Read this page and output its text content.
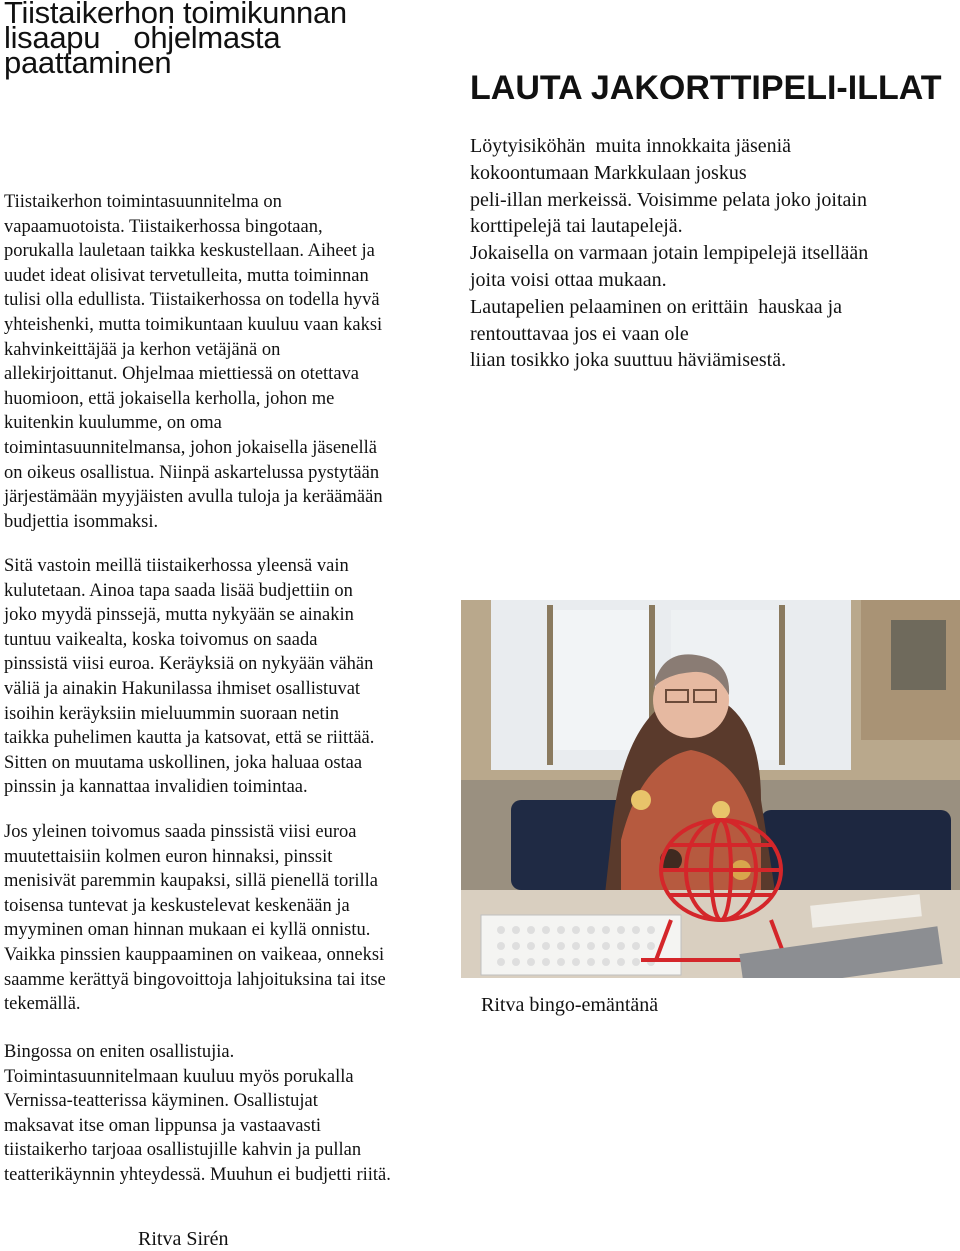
Tiistaikerhon toimikunnan
lisaapu    ohjelmasta
paattaminen
LAUTA JAKORTTIPELI-ILLAT
Tiistaikerhon toimintasuunnitelma on
vapaamuotoista. Tiistaikerhossa bingotaan,
porukalla lauletaan taikka keskustellaan. Aiheet ja
uudet ideat olisivat tervetulleita, mutta toiminnan
tulisi olla edullista. Tiistaikerhossa on todella hyvä
yhteishenki, mutta toimikuntaan kuuluu vaan kaksi
kahvinkeittäjää ja kerhon vetäjänä on
allekirjoittanut. Ohjelmaa miettiessä on otettava
huomioon, että jokaisella kerholla, johon me
kuitenkin kuulumme, on oma
toimintasuunnitelmansa, johon jokaisella jäsenellä
on oikeus osallistua. Niinpä askartelussa pystytään
järjestämään myyjäisten avulla tuloja ja keräämään
budjettia isommaksi.
Sitä vastoin meillä tiistaikerhossa yleensä vain
kulutetaan. Ainoa tapa saada lisää budjettiin on
joko myydä pinssejä, mutta nykyään se ainakin
tuntuu vaikealta, koska toivomus on saada
pinssistä viisi euroa. Keräyksiä on nykyään vähän
väliä ja ainakin Hakunilassa ihmiset osallistuvat
isoihin keräyksiin mieluummin suoraan netin
taikka puhelimen kautta ja katsovat, että se riittää.
Sitten on muutama uskollinen, joka haluaa ostaa
pinssin ja kannattaa invalidien toimintaa.
Jos yleinen toivomus saada pinssistä viisi euroa
muutettaisiin kolmen euron hinnaksi, pinssit
menisivät paremmin kaupaksi, sillä pienellä torilla
toisensa tuntevat ja keskustelevat keskenään ja
myyminen oman hinnan mukaan ei kyllä onnistu.
Vaikka pinssien kauppaaminen on vaikeaa, onneksi
saamme kerättyä bingovoittoja lahjoituksina tai itse
tekemällä.
Bingossa on eniten osallistujia.
Toimintasuunnitelmaan kuuluu myös porukalla
Vernissa-teatterissa käyminen. Osallistujat
maksavat itse oman lippunsa ja vastaavasti
tiistaikerho tarjoaa osallistujille kahvin ja pullan
teatterikäynnin yhteydessä. Muuhun ei budjetti riitä.
Löytyisiköhän  muita innokkaita jäseniä
kokoontumaan Markkulaan joskus
peli-illan merkeissä. Voisimme pelata joko joitain
korttipelejä tai lautapelejä.
Jokaisella on varmaan jotain lempipelejä itsellään
joita voisi ottaa mukaan.
Lautapelien pelaaminen on erittäin  hauskaa ja
rentouttavaa jos ei vaan ole
liian tosikko joka suuttuu häviämisestä.
Ritva bingo-emäntänä
Ritva Sirén
